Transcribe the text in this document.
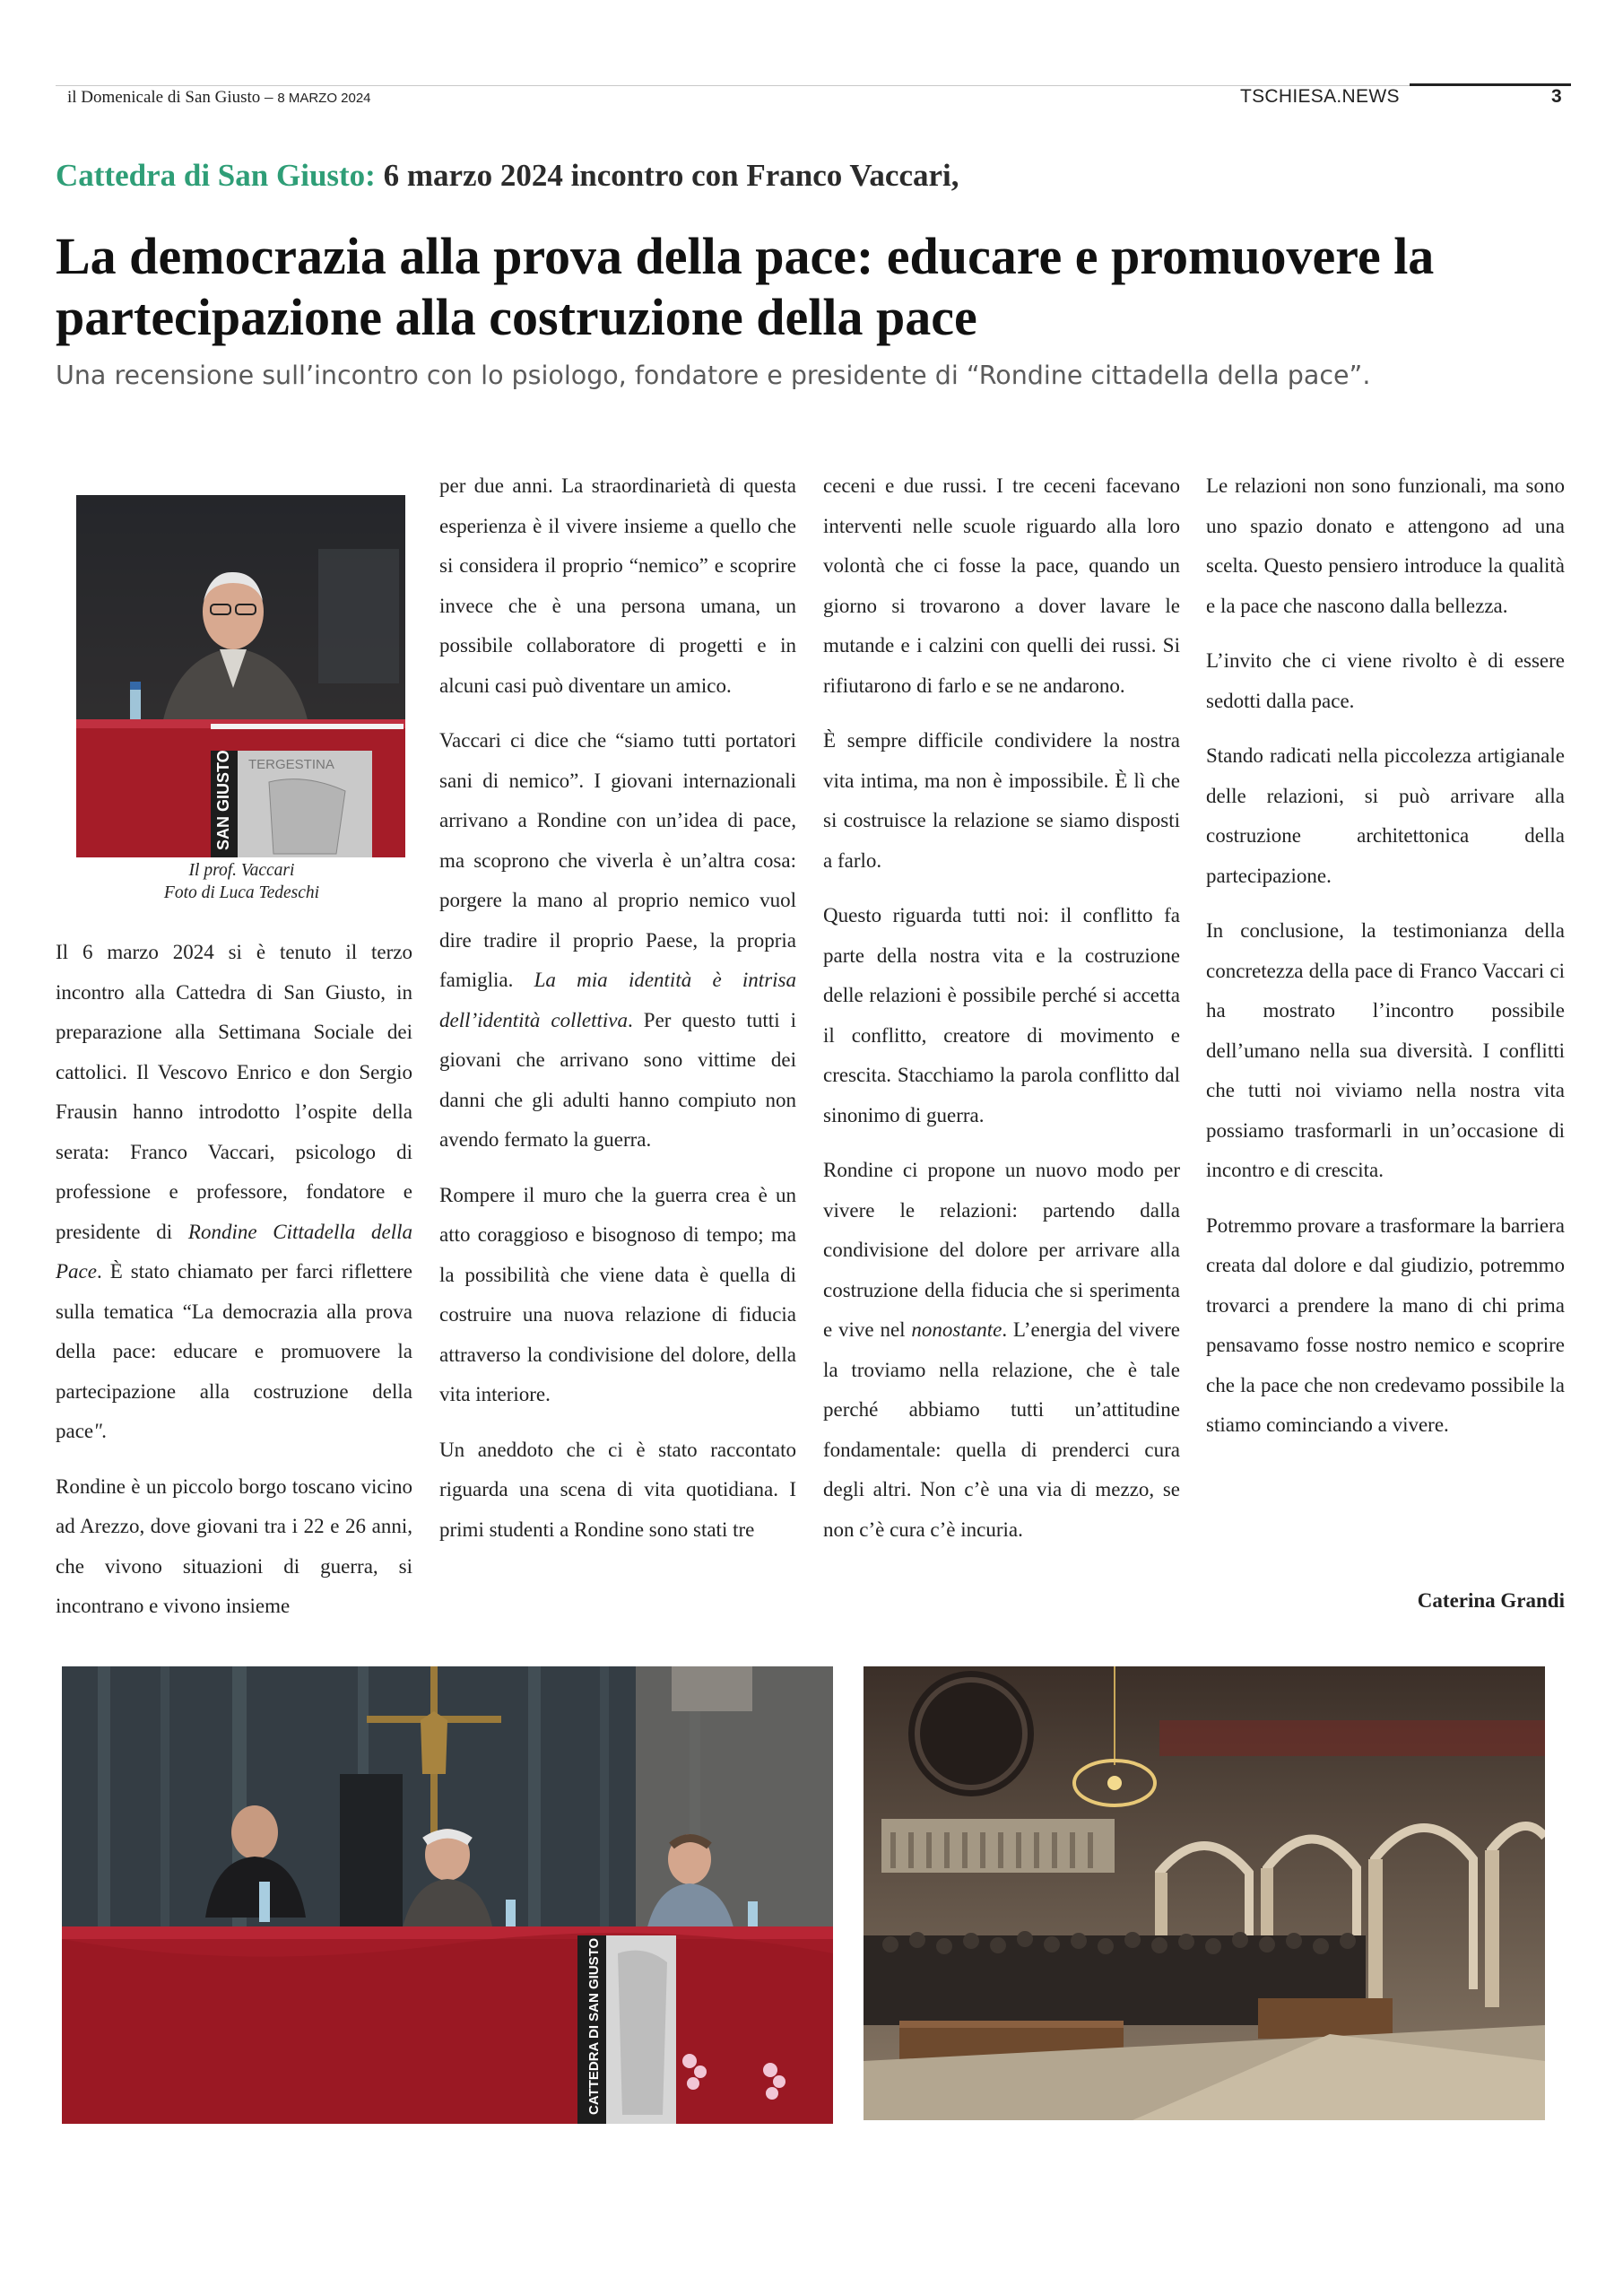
il Domenicale di San Giusto – 8 MARZO 2024	TSCHIESA.NEWS	3
Cattedra di San Giusto: 6 marzo 2024 incontro con Franco Vaccari,
La democrazia alla prova della pace: educare e promuovere la
partecipazione alla costruzione della pace
Una recensione sull’incontro con lo psiologo, fondatore e presidente di “Rondine cittadella della pace”.
SAN GIUSTO TERGESTINA
Il prof. Vaccari
Foto di Luca Tedeschi

Il 6 marzo 2024 si è tenuto il terzo incontro alla Cattedra di San Giusto, in preparazione alla Settimana Sociale dei cattolici. Il Vescovo Enrico e don Sergio Frausin hanno introdotto l’ospite della serata: Franco Vaccari, psicologo di professione e professore, fondatore e presidente di Rondine Cittadella della Pace. È stato chiamato per farci riflettere sulla tematica “La democrazia alla prova della pace: educare e promuovere la partecipazione alla costruzione della pace".

Rondine è un piccolo borgo toscano vicino ad Arezzo, dove giovani tra i 22 e 26 anni, che vivono situazioni di guerra, si incontrano e vivono insieme

per due anni. La straordinarietà di questa esperienza è il vivere insieme a quello che si considera il proprio “nemico” e scoprire invece che è una persona umana, un possibile collaboratore di progetti e in alcuni casi può diventare un amico.

Vaccari ci dice che “siamo tutti portatori sani di nemico”. I giovani internazionali arrivano a Rondine con un’idea di pace, ma scoprono che viverla è un’altra cosa: porgere la mano al proprio nemico vuol dire tradire il proprio Paese, la propria famiglia. La mia identità è intrisa dell’identità collettiva. Per questo tutti i giovani che arrivano sono vittime dei danni che gli adulti hanno compiuto non avendo fermato la guerra.

Rompere il muro che la guerra crea è un atto coraggioso e bisognoso di tempo; ma la possibilità che viene data è quella di costruire una nuova relazione di fiducia attraverso la condivisione del dolore, della vita interiore.

Un aneddoto che ci è stato raccontato riguarda una scena di vita quotidiana. I primi studenti a Rondine sono stati tre

ceceni e due russi. I tre ceceni facevano interventi nelle scuole riguardo alla loro volontà che ci fosse la pace, quando un giorno si trovarono a dover lavare le mutande e i calzini con quelli dei russi. Si rifiutarono di farlo e se ne andarono.

È sempre difficile condividere la nostra vita intima, ma non è impossibile. È lì che si costruisce la relazione se siamo disposti a farlo.

Questo riguarda tutti noi: il conflitto fa parte della nostra vita e la costruzione delle relazioni è possibile perché si accetta il conflitto, creatore di movimento e crescita. Stacchiamo la parola conflitto dal sinonimo di guerra.

Rondine ci propone un nuovo modo per vivere le relazioni: partendo dalla condivisione del dolore per arrivare alla costruzione della fiducia che si sperimenta e vive nel nonostante. L’energia del vivere la troviamo nella relazione, che è tale perché abbiamo tutti un’attitudine fondamentale: quella di prenderci cura degli altri. Non c’è una via di mezzo, se non c’è cura c’è incuria.

Le relazioni non sono funzionali, ma sono uno spazio donato e attengono ad una scelta. Questo pensiero introduce la qualità e la pace che nascono dalla bellezza.

L’invito che ci viene rivolto è di essere sedotti dalla pace.

Stando radicati nella piccolezza artigianale delle relazioni, si può arrivare alla costruzione architettonica della partecipazione.

In conclusione, la testimonianza della concretezza della pace di Franco Vaccari ci ha mostrato l’incontro possibile dell’umano nella sua diversità. I conflitti che tutti noi viviamo nella nostra vita possiamo trasformarli in un’occasione di incontro e di crescita.

Potremmo provare a trasformare la barriera creata dal dolore e dal giudizio, potremmo trovarci a prendere la mano di chi prima pensavamo fosse nostro nemico e scoprire che la pace che non credevamo possibile la stiamo cominciando a vivere.

Caterina Grandi
CATTEDRA DI SAN GIUSTO
